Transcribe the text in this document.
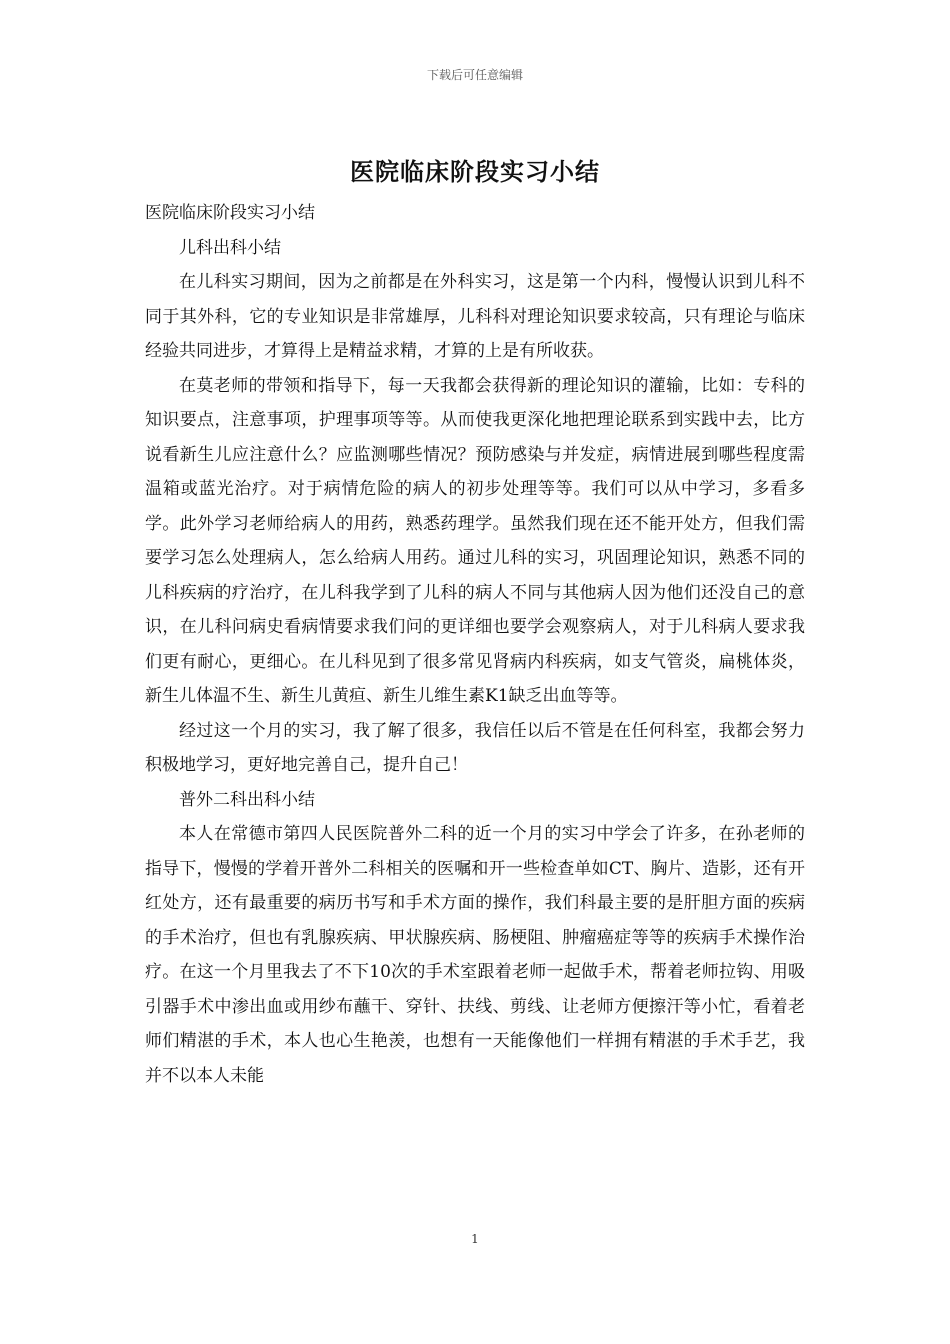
下载后可任意编辑
医院临床阶段实习小结

医院临床阶段实习小结

儿科出科小结

在儿科实习期间，因为之前都是在外科实习，这是第一个内科，慢慢认识到儿科不同于其外科，它的专业知识是非常雄厚，儿科科对理论知识要求较高，只有理论与临床经验共同进步，才算得上是精益求精，才算的上是有所收获。

在莫老师的带领和指导下，每一天我都会获得新的理论知识的灌输，比如：专科的知识要点，注意事项，护理事项等等。从而使我更深化地把理论联系到实践中去，比方说看新生儿应注意什么？应监测哪些情况？预防感染与并发症，病情进展到哪些程度需温箱或蓝光治疗。对于病情危险的病人的初步处理等等。我们可以从中学习，多看多学。此外学习老师给病人的用药，熟悉药理学。虽然我们现在还不能开处方，但我们需要学习怎么处理病人，怎么给病人用药。通过儿科的实习，巩固理论知识，熟悉不同的儿科疾病的疗治疗，在儿科我学到了儿科的病人不同与其他病人因为他们还没自己的意识，在儿科问病史看病情要求我们问的更详细也要学会观察病人，对于儿科病人要求我们更有耐心，更细心。在儿科见到了很多常见肾病内科疾病，如支气管炎，扁桃体炎，新生儿体温不生、新生儿黄疸、新生儿维生素K1缺乏出血等等。

经过这一个月的实习，我了解了很多，我信任以后不管是在任何科室，我都会努力积极地学习，更好地完善自己，提升自己！

普外二科出科小结

本人在常德市第四人民医院普外二科的近一个月的实习中学会了许多，在孙老师的指导下，慢慢的学着开普外二科相关的医嘱和开一些检查单如CT、胸片、造影，还有开红处方，还有最重要的病历书写和手术方面的操作，我们科最主要的是肝胆方面的疾病的手术治疗，但也有乳腺疾病、甲状腺疾病、肠梗阻、肿瘤癌症等等的疾病手术操作治疗。在这一个月里我去了不下10次的手术室跟着老师一起做手术，帮着老师拉钩、用吸引器手术中渗出血或用纱布蘸干、穿针、扶线、剪线、让老师方便擦汗等小忙，看着老师们精湛的手术，本人也心生艳羡，也想有一天能像他们一样拥有精湛的手术手艺，我并不以本人未能

1
